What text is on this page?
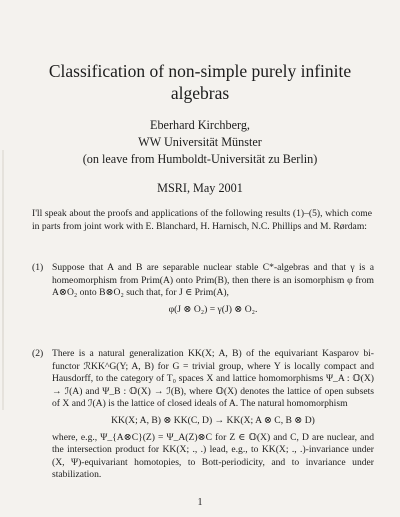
Classification of non-simple purely infinite
algebras
Eberhard Kirchberg,
WW Universität Münster
(on leave from Humboldt-Universität zu Berlin)
MSRI, May 2001
I'll speak about the proofs and applications of the following results (1)–(5), which come in parts from joint work with E. Blanchard, H. Harnisch, N.C. Phillips and M. Rørdam:
(1) Suppose that A and B are separable nuclear stable C*-algebras and that γ is a homeomorphism from Prim(A) onto Prim(B), then there is an isomorphism φ from A⊗O₂ onto B⊗O₂ such that, for J ∈ Prim(A),
φ(J ⊗ O₂) = γ(J) ⊗ O₂.
(2) There is a natural generalization KK(X; A, B) of the equivariant Kasparov bi-functor ℛKK^G(Y; A, B) for G = trivial group, where Y is locally compact and Hausdorff, to the category of T₀ spaces X and lattice homomorphisms Ψ_A : 𝕆(X) → ℐ(A) and Ψ_B : 𝕆(X) → ℐ(B), where 𝕆(X) denotes the lattice of open subsets of X and ℐ(A) is the lattice of closed ideals of A. The natural homomorphism
KK(X; A, B) ⊗ KK(C, D) → KK(X; A ⊗ C, B ⊗ D)
where, e.g., Ψ_{A⊗C}(Z) = Ψ_A(Z)⊗C for Z ∈ 𝕆(X) and C, D are nuclear, and the intersection product for KK(X; ., .) lead, e.g., to KK(X; ., .)-invariance under (X, Ψ)-equivariant homotopies, to Bott-periodicity, and to invariance under stabilization.
1
